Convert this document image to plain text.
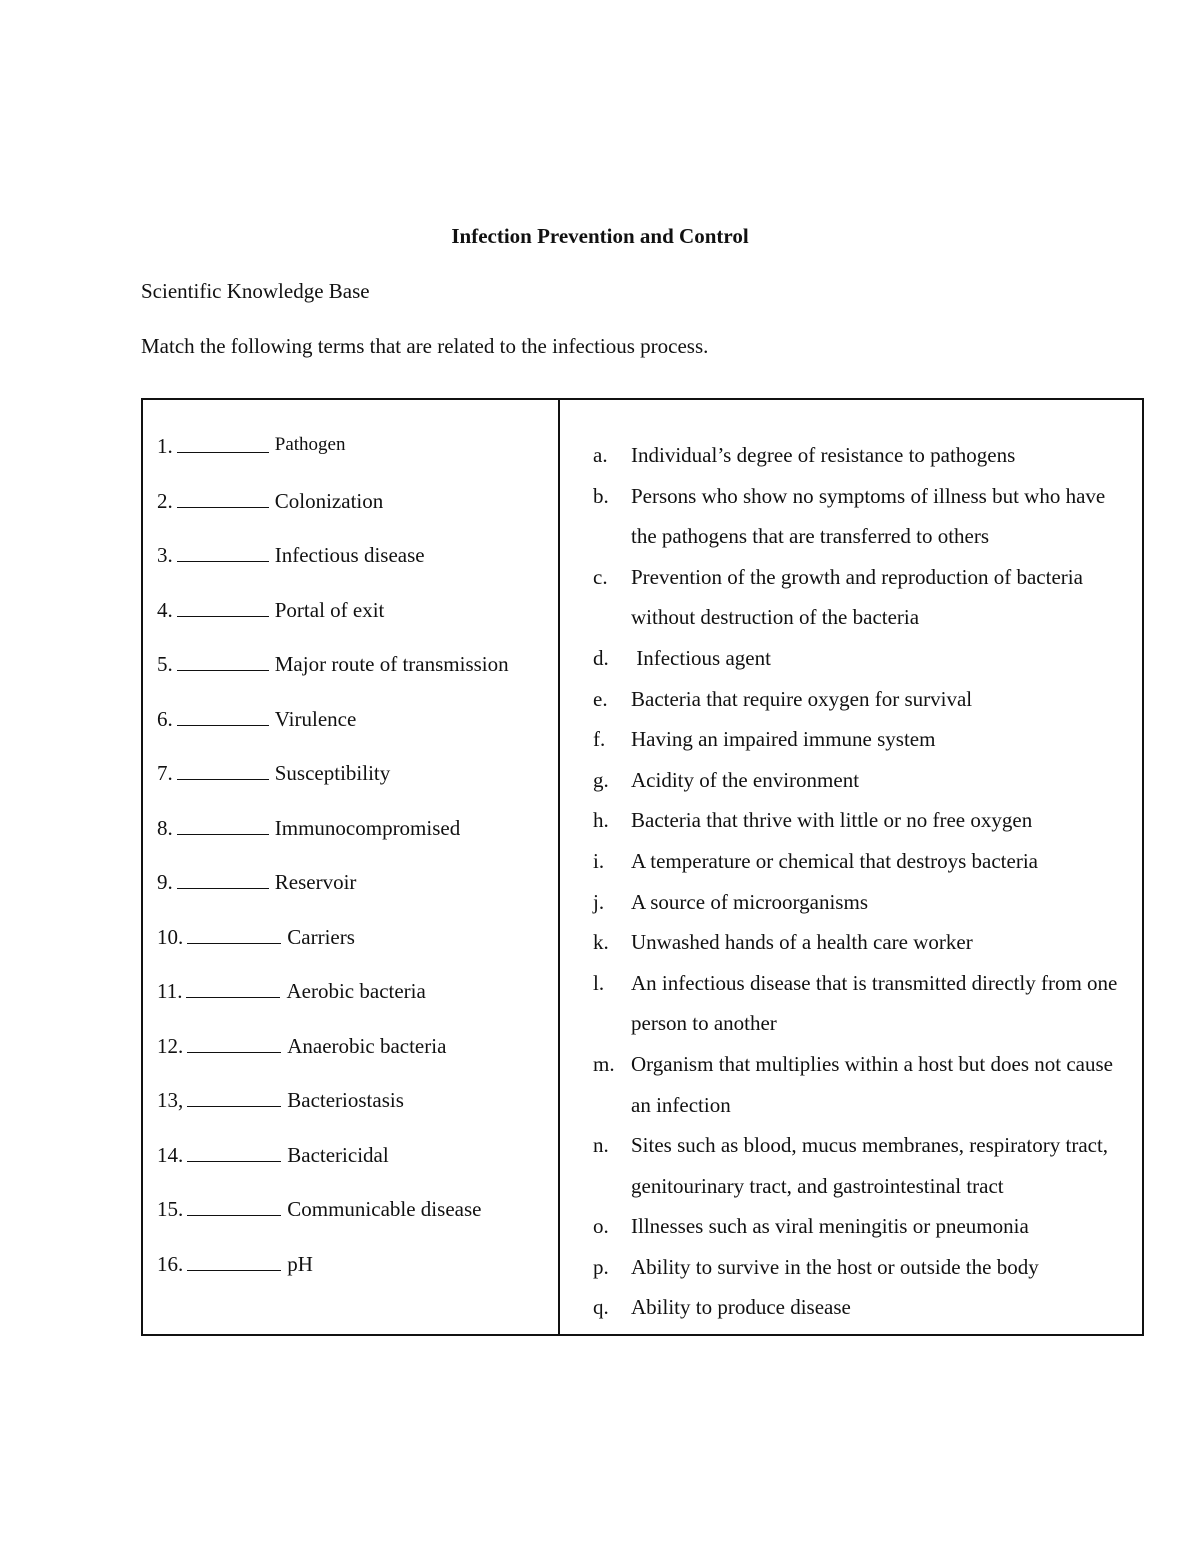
Infection Prevention and Control
Scientific Knowledge Base
Match the following terms that are related to the infectious process.
1.	Pathogen
2.	Colonization
3.	Infectious disease
4.	Portal of exit
5.	Major route of transmission
6.	Virulence
7.	Susceptibility
8.	Immunocompromised
9.	Reservoir
10.	Carriers
11.	Aerobic bacteria
12.	Anaerobic bacteria
13,	Bacteriostasis
14.	Bactericidal
15.	Communicable disease
16.	pH
a.	Individual’s degree of resistance to pathogens
b.	Persons who show no symptoms of illness but who have the pathogens that are transferred to others
c.	Prevention of the growth and reproduction of bacteria without destruction of the bacteria
d.	Infectious agent
e.	Bacteria that require oxygen for survival
f.	Having an impaired immune system
g.	Acidity of the environment
h.	Bacteria that thrive with little or no free oxygen
i.	A temperature or chemical that destroys bacteria
j.	A source of microorganisms
k.	Unwashed hands of a health care worker
l.	An infectious disease that is transmitted directly from one person to another
m. Organism that multiplies within a host but does not cause an infection
n.	Sites such as blood, mucus membranes, respiratory tract, genitourinary tract, and gastrointestinal tract
o.	Illnesses such as viral meningitis or pneumonia
p.	Ability to survive in the host or outside the body
q.	Ability to produce disease
